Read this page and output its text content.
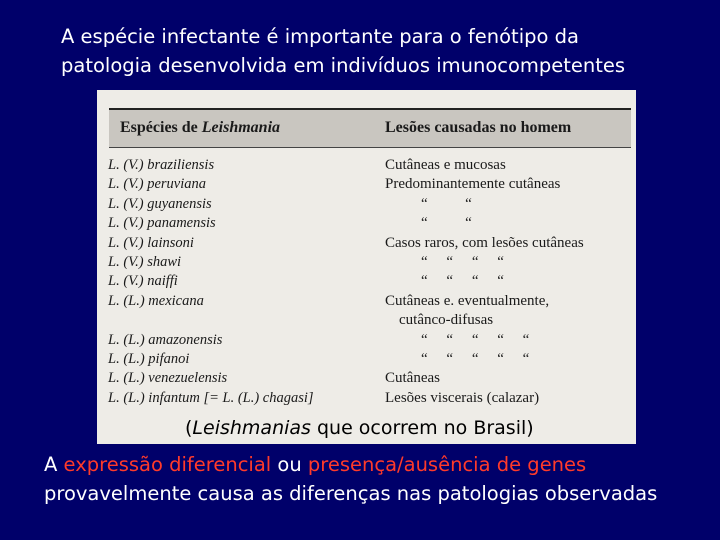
A espécie infectante é importante para o fenótipo da
patologia desenvolvida em indivíduos imunocompetentes
Espécies de Leishmania	Lesões causadas no homem
L. (V.) braziliensis
L. (V.) peruviana
L. (V.) guyanensis
L. (V.) panamensis
L. (V.) lainsoni
L. (V.) shawi
L. (V.) naiffi
L. (L.) mexicana
L. (L.) amazonensis
L. (L.) pifanoi
L. (L.) venezuelensis
L. (L.) infantum [= L. (L.) chagasi]
Cutâneas e mucosas
Predominantemente cutâneas
“          “
“          “
Casos raros, com lesões cutâneas
“     “     “     “
“     “     “     “
Cutâneas e. eventualmente,
cutânco-difusas
“     “     “     “     “
“     “     “     “     “
Cutâneas
Lesões viscerais (calazar)
(Leishmanias que ocorrem no Brasil)
A expressão diferencial ou presença/ausência de genes
provavelmente causa as diferenças nas patologias observadas
